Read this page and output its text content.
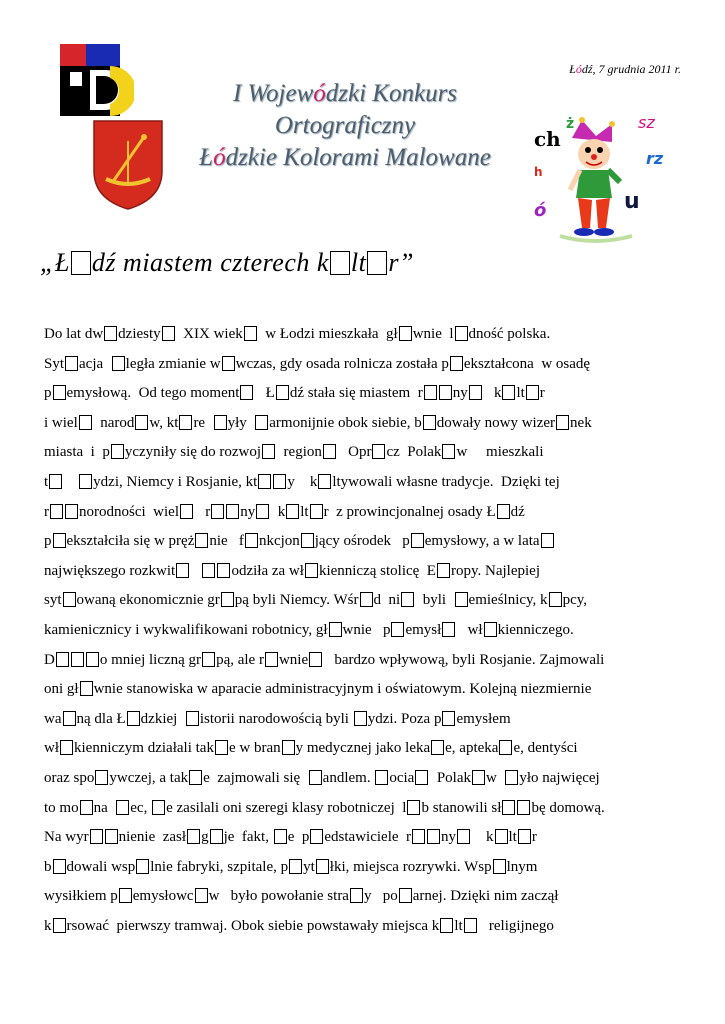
Łódź, 7 grudnia 2011 r.
I Wojewódzki Konkurs
Ortograficzny
Łódzkie Kolorami Malowane
ch
ż	sz
rz
h
ó	u
„Ł dź miastem czterech k lt r”
Do lat dw dziesty  XIX wiek  w Łodzi mieszkała  gł wnie  l dność polska.
Syt acja  legła zmianie w wczas, gdy osada rolnicza została p ekształcona  w osadę
p emysłową.  Od tego moment   Ł dź stała się miastem  r ny   k lt r
i wiel  narod w, kt re  yły  armonijnie obok siebie, b dowały nowy wizer nek
miasta  i  p yczyniły się do rozwoj  region   Opr cz  Polak w     mieszkali
t	ydzi, Niemcy i Rosjanie, kt y    k ltywowali własne tradycje.  Dzięki tej
r norodności  wiel   r ny  k lt r  z prowincjonalnej osady Ł dź
p ekształciła się w pręż nie   f nkcjon jący ośrodek   p emysłowy, a w lata
największego rozkwit	odziła za wł kienniczą stolicę  E ropy. Najlepiej
syt owaną ekonomicznie gr pą byli Niemcy. Wśr d  ni  byli  emieślnicy, k pcy,
kamienicznicy i wykwalifikowani robotnicy, gł wnie   p emysł   wł kienniczego.
D	o mniej liczną gr pą, ale r wnie   bardzo wpływową, byli Rosjanie. Zajmowali
oni gł wnie stanowiska w aparacie administracyjnym i oświatowym. Kolejną niezmiernie
wa ną dla Ł dzkiej  istorii narodowością byli ydzi. Poza p emysłem
wł kienniczym działali tak e w bran y medycznej jako leka e, apteka e, dentyści
oraz spo ywczej, a tak e  zajmowali się  andlem. ocia  Polak w  yło najwięcej
to mo na  ec, e zasilali oni szeregi klasy robotniczej  l b stanowili sł bę domową.
Na wyr nienie  zasł g je  fakt, e  p edstawiciele  r ny    k lt r
b dowali wsp lnie fabryki, szpitale, p yt łki, miejsca rozrywki. Wsp lnym
wysiłkiem p emysłowc w   było powołanie stra y   po arnej. Dzięki nim zaczął
k rsować  pierwszy tramwaj. Obok siebie powstawały miejsca k lt   religijnego
